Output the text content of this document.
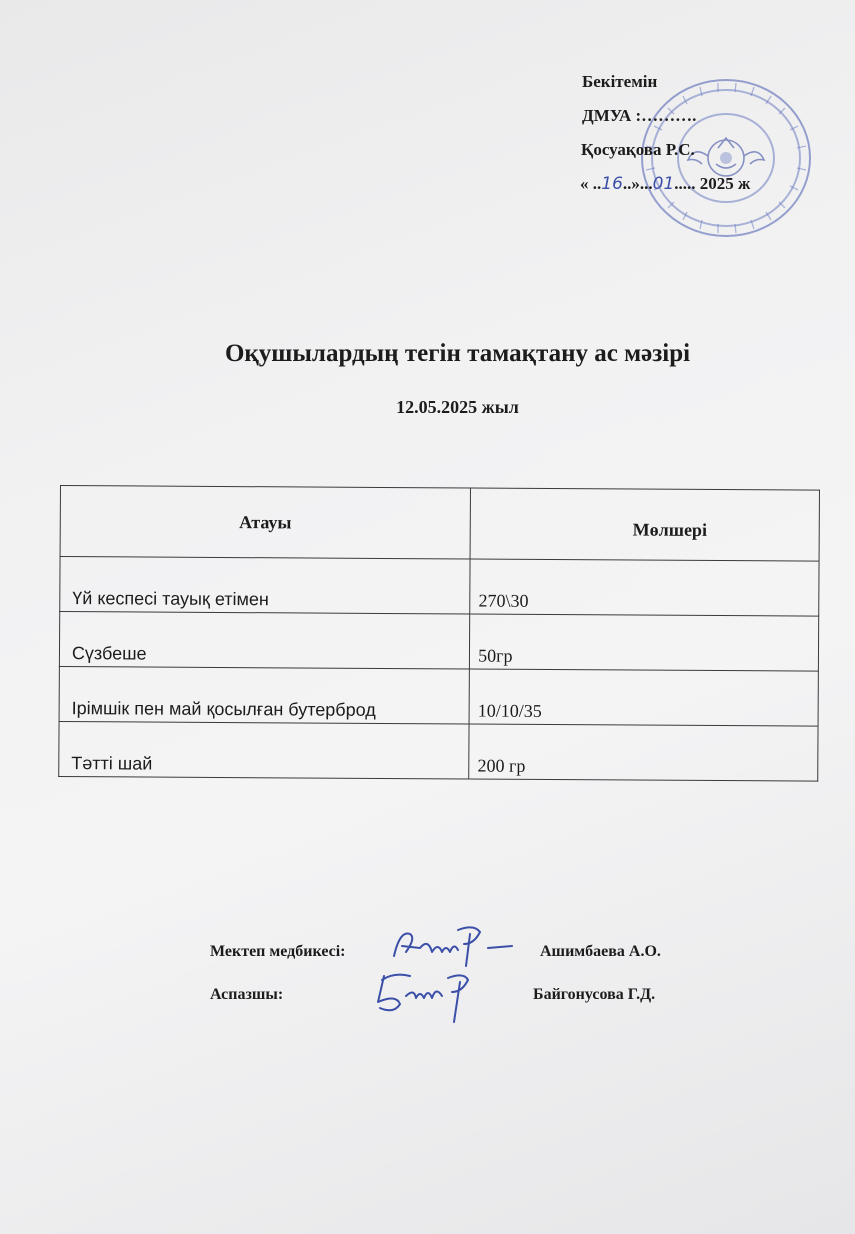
Бекітемін
ДМУА :……….
Қосуақова Р.С.
« ..16..»...01..... 2025 ж
Оқушылардың тегін тамақтану ас мәзірі
12.05.2025 жыл
Атауы	Мөлшері
Үй кеспесі тауық етімен	270\30
Сүзбеше	50гр
Ірімшік пен май қосылған бутерброд	10/10/35
Тәтті шай	200 гр
Мектеп медбикесі:	Ашимбаева А.О.
Аспазшы:	Байгонусова Г.Д.
